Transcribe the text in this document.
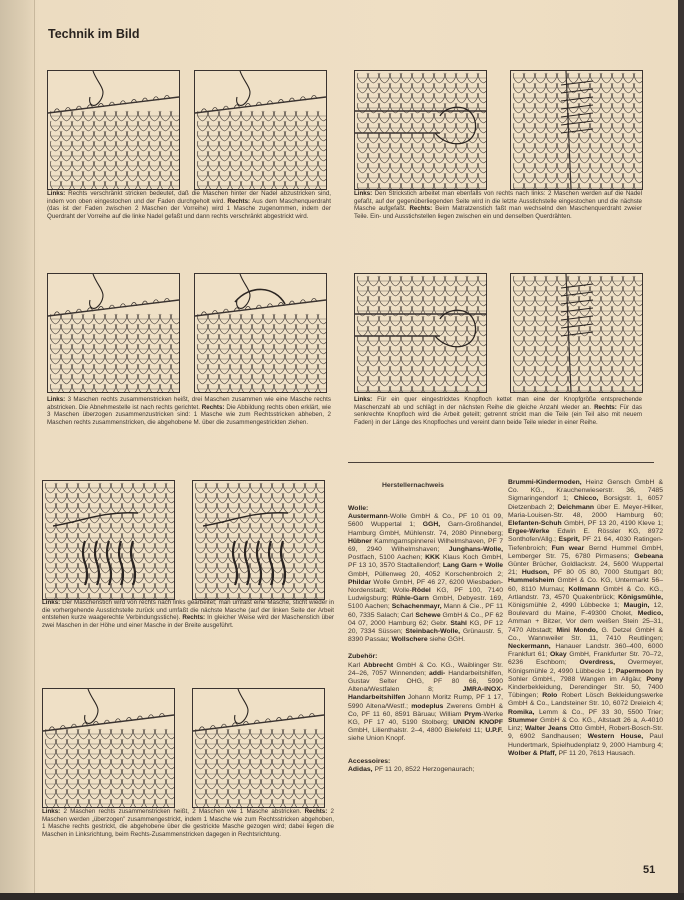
Technik im Bild

Links: Rechts verschränkt stricken bedeutet, daß die Maschen hinter der Nadel abzustricken sind, indem von oben eingestochen und der Faden durchgeholt wird. Rechts: Aus dem Maschenquerdraht (das ist der Faden zwischen 2 Maschen der Vorreihe) wird 1 Masche zugenommen, indem der Querdraht der Vorreihe auf die linke Nadel gefaßt und dann rechts verschränkt abgestrickt wird.

Links: Den Strickstich arbeitet man ebenfalls von rechts nach links: 2 Maschen werden auf die Nadel gefaßt, auf der gegenüberliegenden Seite wird in die letzte Ausstichstelle eingestochen und die nächste Masche aufgefaßt. Rechts: Beim Matratzenstich faßt man wechselnd den Maschenquerdraht zweier Teile. Ein- und Ausstichstellen liegen zwischen ein und denselben Querdrähten.

Links: 3 Maschen rechts zusammenstricken heißt, drei Maschen zusammen wie eine Masche rechts abstricken. Die Abnehmestelle ist nach rechts gerichtet. Rechts: Die Abbildung rechts oben erklärt, wie 3 Maschen überzogen zusammenzustricken sind: 1 Masche wie zum Rechtsstricken abheben, 2 Maschen rechts zusammenstricken, die abgehobene M. über die zusammengestrickten ziehen.

Links: Für ein quer eingestricktes Knopfloch kettet man eine der Knopfgröße entsprechende Maschenzahl ab und schlägt in der nächsten Reihe die gleiche Anzahl wieder an. Rechts: Für das senkrechte Knopfloch wird die Arbeit geteilt; getrennt strickt man die Teile (ein Teil also mit neuem Faden) in der Länge des Knopfloches und vereint dann beide Teile wieder in einer Reihe.

Links: Der Maschenstich wird von rechts nach links gearbeitet; man umfaßt eine Masche, sticht wieder in die vorhergehende Ausstichstelle zurück und umfaßt die nächste Masche (auf der linken Seite der Arbeit entstehen kurze waagerechte Verbindungsstiche). Rechts: In gleicher Weise wird der Maschenstich über zwei Maschen in der Höhe und einer Masche in der Breite ausgeführt.

Links: 2 Maschen rechts zusammenstricken heißt, 2 Maschen wie 1 Masche abstricken. Rechts: 2 Maschen werden „überzogen" zusammengestrickt, indem 1 Masche wie zum Rechtsstricken abgehoben, 1 Masche rechts gestrickt, die abgehobene über die gestrickte Masche gezogen wird; dabei liegen die Maschen in Linksrichtung, beim Rechts-Zusammenstricken dagegen in Rechtsrichtung.

Herstellernachweis
Wolle:
Austermann-Wolle GmbH & Co., PF 10 01 09, 5600 Wuppertal 1; GGH, Garn-Großhandel, Hamburg GmbH, Mühlenstr. 74, 2080 Pinneberg; Hübner Kammgarnspinnerei Wilhelmshaven, PF 7 69, 2940 Wilhelmshaven; Junghans-Wolle, Postfach, 5100 Aachen; KKK Klaus Koch GmbH, PF 13 10, 3570 Stadtallendorf; Lang Garn + Wolle GmbH, Püllenweg 20, 4052 Korschenbroich 2; Phildar Wolle GmbH, PF 46 27, 6200 Wiesbaden-Nordenstadt; Wolle-Rödel KG, PF 100, 7140 Ludwigsburg; Rühle-Garn GmbH, Debyestr. 169, 5100 Aachen; Schachenmayr, Mann & Cie., PF 11 60, 7335 Salach; Carl Schewe GmbH & Co., PF 62 04 07, 2000 Hamburg 62; Gebr. Stahl KG, PF 12 20, 7334 Süssen; Steinbach-Wolle, Grünaustr. 5, 8390 Passau; Wollschere siehe GGH.
Zubehör:
Karl Abbrecht GmbH & Co. KG., Waiblinger Str. 24–26, 7057 Winnenden; addi- Handarbeitshilfen, Gustav Selter OHG, PF 80 66, 5990 Altena/Westfalen 8; JMRA-INOX-Handarbeitshilfen Johann Moritz Rump, PF 1 17, 5990 Altena/Westf.; modeplus Zwerens GmbH & Co, PF 11 60, 8591 Bäruau; William Prym-Werke KG, PF 17 40, 5190 Stolberg; UNION KNOPF GmbH, Lilienthalstr. 2–4, 4800 Bielefeld 11; U.P.F. siehe Union Knopf.
Accessoires:
Adidas, PF 11 20, 8522 Herzogenaurach;
Brummi-Kindermoden, Heinz Gensch GmbH & Co. KG., Krauchenwieserstr. 36, 7485 Sigmaringendorf 1; Chicco, Borsigstr. 1, 6057 Dietzenbach 2; Deichmann über E. Meyer-Hilker, Maria-Louisen-Str. 48, 2000 Hamburg 60; Elefanten-Schuh GmbH, PF 13 20, 4190 Kleve 1; Ergee-Werke Edwin E. Rössler KG, 8972 Sonthofen/Allg.; Esprit, PF 21 64, 4030 Ratingen-Tiefenbroich; Fun wear Bernd Hummel GmbH, Lemberger Str. 75, 6780 Pirmasens; Gebeana Günter Brücher, Goldlackstr. 24, 5600 Wuppertal 21; Hudson, PF 80 05 80, 7000 Stuttgart 80; Hummelsheim GmbH & Co. KG, Untermarkt 56–60, 8110 Murnau; Kollmann GmbH & Co. KG., Artlandstr. 73, 4570 Quakenbrück; Königsmühle, Königsmühle 2, 4990 Lübbecke 1; Maugin, 12, Boulevard du Maine, F-49300 Cholet, Medico, Amman + Bitzer, Vor dem weißen Stein 25–31, 7470 Albstadt; Mini Mondo, G. Detzel GmbH & Co., Wannweiler Str. 11, 7410 Reutlingen; Neckermann, Hanauer Landstr. 360–400, 6000 Frankfurt 61; Okay GmbH, Frankfurter Str. 70–72, 6236 Eschborn; Overdress, Overmeyer, Königsmühle 2, 4990 Lübbecke 1; Papermoon by Sohler GmbH., 7988 Wangen im Allgäu; Pony Kinderbekleidung, Derendinger Str. 50, 7400 Tübingen; Rolo Robert Lösch Bekleidungswerke GmbH & Co., Landsteiner Str. 10, 6072 Dreieich 4; Romika, Lemm & Co., PF 33 30, 5500 Trier; Stummer GmbH & Co. KG., Altstadt 26 a, A-4010 Linz; Walter Jeans Otto GmbH, Robert-Bosch-Str. 9, 6902 Sandhausen; Western House, Paul Hundertmark, Spielhudenplatz 9, 2000 Hamburg 4; Wolber & Pfaff, PF 11 20, 7613 Hausach.
51
